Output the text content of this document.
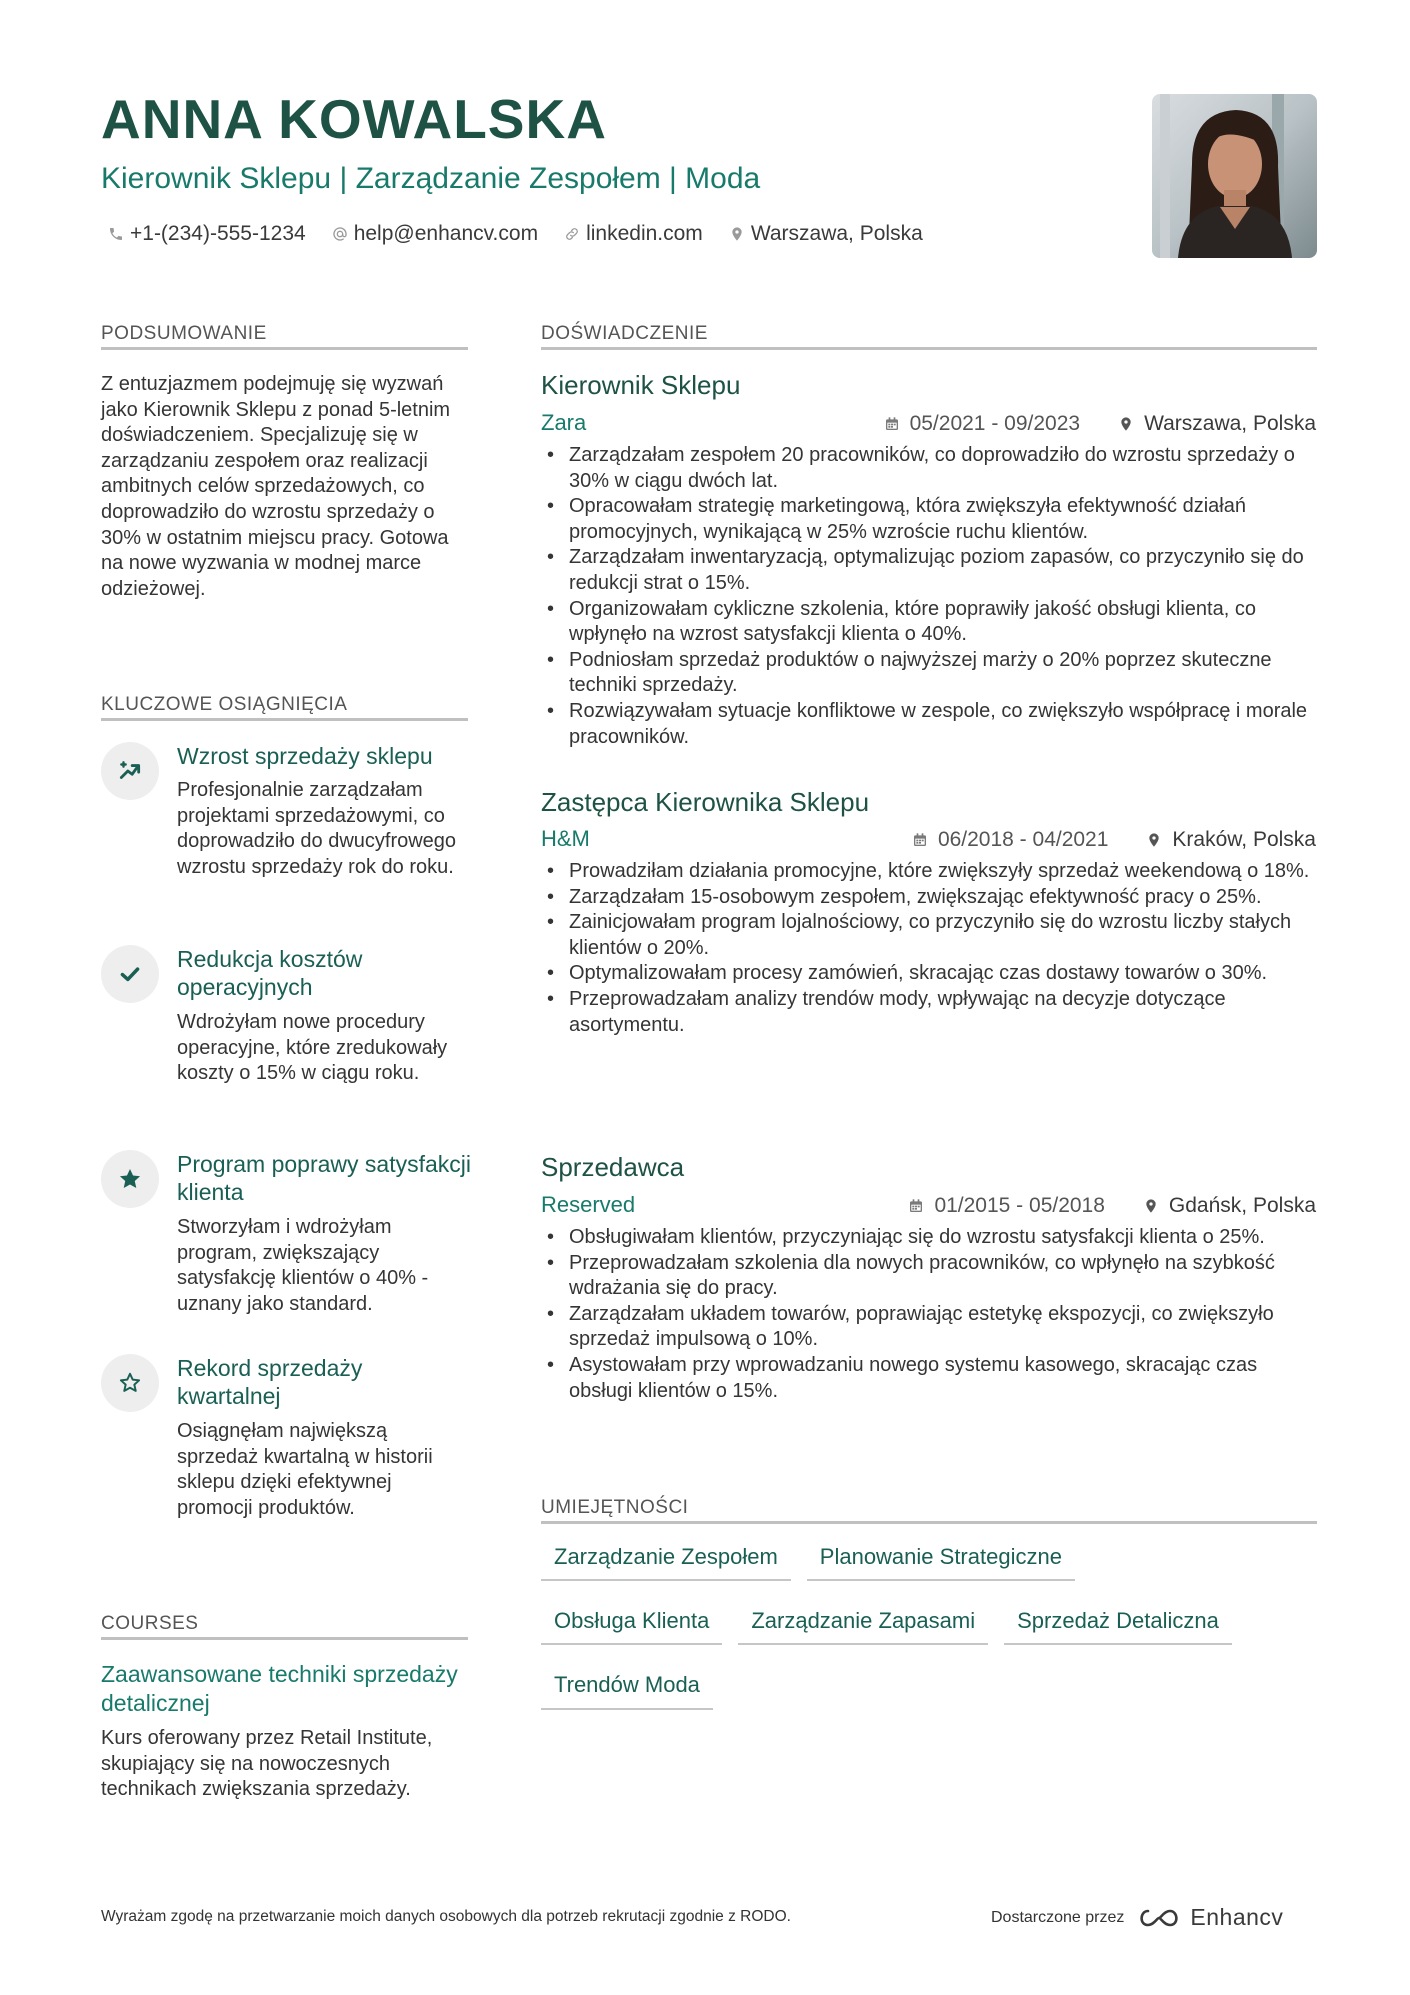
ANNA KOWALSKA
Kierownik Sklepu | Zarządzanie Zespołem | Moda
+1-(234)-555-1234 help@enhancv.com linkedin.com Warszawa, Polska
PODSUMOWANIE

Z entuzjazmem podejmuję się wyzwań jako Kierownik Sklepu z ponad 5-letnim doświadczeniem. Specjalizuję się w zarządzaniu zespołem oraz realizacji ambitnych celów sprzedażowych, co doprowadziło do wzrostu sprzedaży o 30% w ostatnim miejscu pracy. Gotowa na nowe wyzwania w modnej marce odzieżowej.

KLUCZOWE OSIĄGNIĘCIA
Wzrost sprzedaży sklepu
Profesjonalnie zarządzałam projektami sprzedażowymi, co doprowadziło do dwucyfrowego wzrostu sprzedaży rok do roku.
Redukcja kosztów operacyjnych
Wdrożyłam nowe procedury operacyjne, które zredukowały koszty o 15% w ciągu roku.
Program poprawy satysfakcji klienta
Stworzyłam i wdrożyłam program, zwiększający satysfakcję klientów o 40% - uznany jako standard.
Rekord sprzedaży kwartalnej
Osiągnęłam największą sprzedaż kwartalną w historii sklepu dzięki efektywnej promocji produktów.
COURSES
Zaawansowane techniki sprzedaży detalicznej
Kurs oferowany przez Retail Institute, skupiający się na nowoczesnych technikach zwiększania sprzedaży.
DOŚWIADCZENIE
Kierownik Sklepu
Zara	05/2021 - 09/2023	Warszawa, Polska
• Zarządzałam zespołem 20 pracowników, co doprowadziło do wzrostu sprzedaży o 30% w ciągu dwóch lat.
• Opracowałam strategię marketingową, która zwiększyła efektywność działań promocyjnych, wynikającą w 25% wzroście ruchu klientów.
• Zarządzałam inwentaryzacją, optymalizując poziom zapasów, co przyczyniło się do redukcji strat o 15%.
• Organizowałam cykliczne szkolenia, które poprawiły jakość obsługi klienta, co wpłynęło na wzrost satysfakcji klienta o 40%.
• Podniosłam sprzedaż produktów o najwyższej marży o 20% poprzez skuteczne techniki sprzedaży.
• Rozwiązywałam sytuacje konfliktowe w zespole, co zwiększyło współpracę i morale pracowników.
Zastępca Kierownika Sklepu
H&M	06/2018 - 04/2021	Kraków, Polska
• Prowadziłam działania promocyjne, które zwiększyły sprzedaż weekendową o 18%.
• Zarządzałam 15-osobowym zespołem, zwiększając efektywność pracy o 25%.
• Zainicjowałam program lojalnościowy, co przyczyniło się do wzrostu liczby stałych klientów o 20%.
• Optymalizowałam procesy zamówień, skracając czas dostawy towarów o 30%.
• Przeprowadzałam analizy trendów mody, wpływając na decyzje dotyczące asortymentu.
Sprzedawca
Reserved	01/2015 - 05/2018	Gdańsk, Polska
• Obsługiwałam klientów, przyczyniając się do wzrostu satysfakcji klienta o 25%.
• Przeprowadzałam szkolenia dla nowych pracowników, co wpłynęło na szybkość wdrażania się do pracy.
• Zarządzałam układem towarów, poprawiając estetykę ekspozycji, co zwiększyło sprzedaż impulsową o 10%.
• Asystowałam przy wprowadzaniu nowego systemu kasowego, skracając czas obsługi klientów o 15%.
UMIEJĘTNOŚCI
Zarządzanie Zespołem	Planowanie Strategiczne
Obsługa Klienta	Zarządzanie Zapasami	Sprzedaż Detaliczna
Trendów Moda
Wyrażam zgodę na przetwarzanie moich danych osobowych dla potrzeb rekrutacji zgodnie z RODO.	Dostarczone przez	Enhancv
